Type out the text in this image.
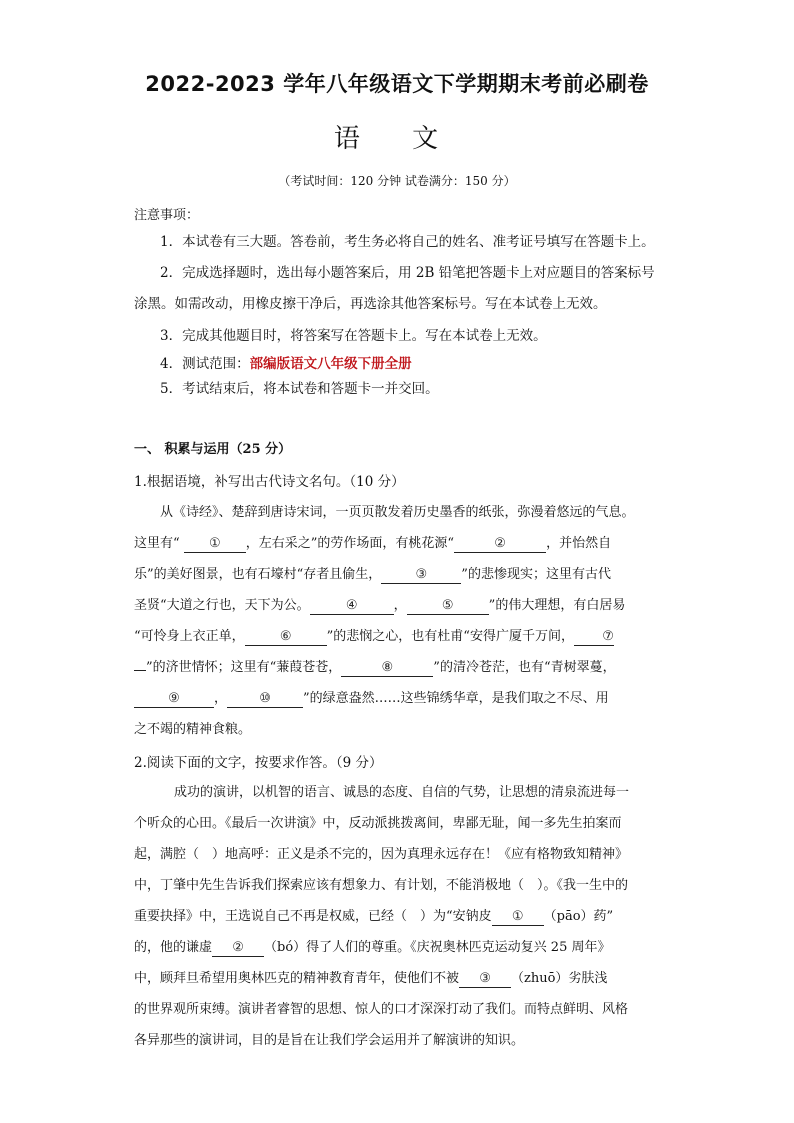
2022-2023 学年八年级语文下学期期末考前必刷卷
语 文
（考试时间：120 分钟 试卷满分：150 分）
注意事项：
1．本试卷有三大题。答卷前，考生务必将自己的姓名、准考证号填写在答题卡上。
2．完成选择题时，选出每小题答案后，用 2B 铅笔把答题卡上对应题目的答案标号
涂黑。如需改动，用橡皮擦干净后，再选涂其他答案标号。写在本试卷上无效。
3．完成其他题目时，将答案写在答题卡上。写在本试卷上无效。
4．测试范围：部编版语文八年级下册全册
5．考试结束后，将本试卷和答题卡一并交回。
一、 积累与运用（25 分）
1.根据语境，补写出古代诗文名句。（10 分）
从《诗经》、楚辞到唐诗宋词，一页页散发着历史墨香的纸张，弥漫着悠远的气息。
这里有“ ① ，左右采之”的劳作场面，有桃花源“	②	，并怡然自
乐”的美好图景，也有石壕村“存者且偷生，	③	”的悲惨现实；这里有古代
圣贤“大道之行也，天下为公。	④	，	⑤	”的伟大理想，有白居易
“可怜身上衣正单，	⑥	”的悲悯之心，也有杜甫“安得广厦千万间， ⑦
”的济世情怀；这里有“蒹葭苍苍，	⑧	”的清冷苍茫，也有“青树翠蔓，
⑨	， ⑩ ”的绿意盎然……这些锦绣华章，是我们取之不尽、用
之不竭的精神食粮。
2.阅读下面的文字，按要求作答。（9 分）
成功的演讲，以机智的语言、诚恳的态度、自信的气势，让思想的清泉流进每一
个听众的心田。《最后一次讲演》中，反动派挑拨离间，卑鄙无耻，闻一多先生拍案而
起，满腔（　）地高呼：正义是杀不完的，因为真理永远存在！《应有格物致知精神》
中，丁肇中先生告诉我们探索应该有想象力、有计划，不能消极地（　）。《我一生中的
重要抉择》中，王选说自己不再是权威，已经（　）为“安钠皮 ① （pāo）药”
的，他的谦虚 ② （bó）得了人们的尊重。《庆祝奥林匹克运动复兴 25 周年》
中，顾拜旦希望用奥林匹克的精神教育青年，使他们不被 ③ （zhuō）劣肤浅
的世界观所束缚。演讲者睿智的思想、惊人的口才深深打动了我们。而特点鲜明、风格
各异那些的演讲词，目的是旨在让我们学会运用并了解演讲的知识。
